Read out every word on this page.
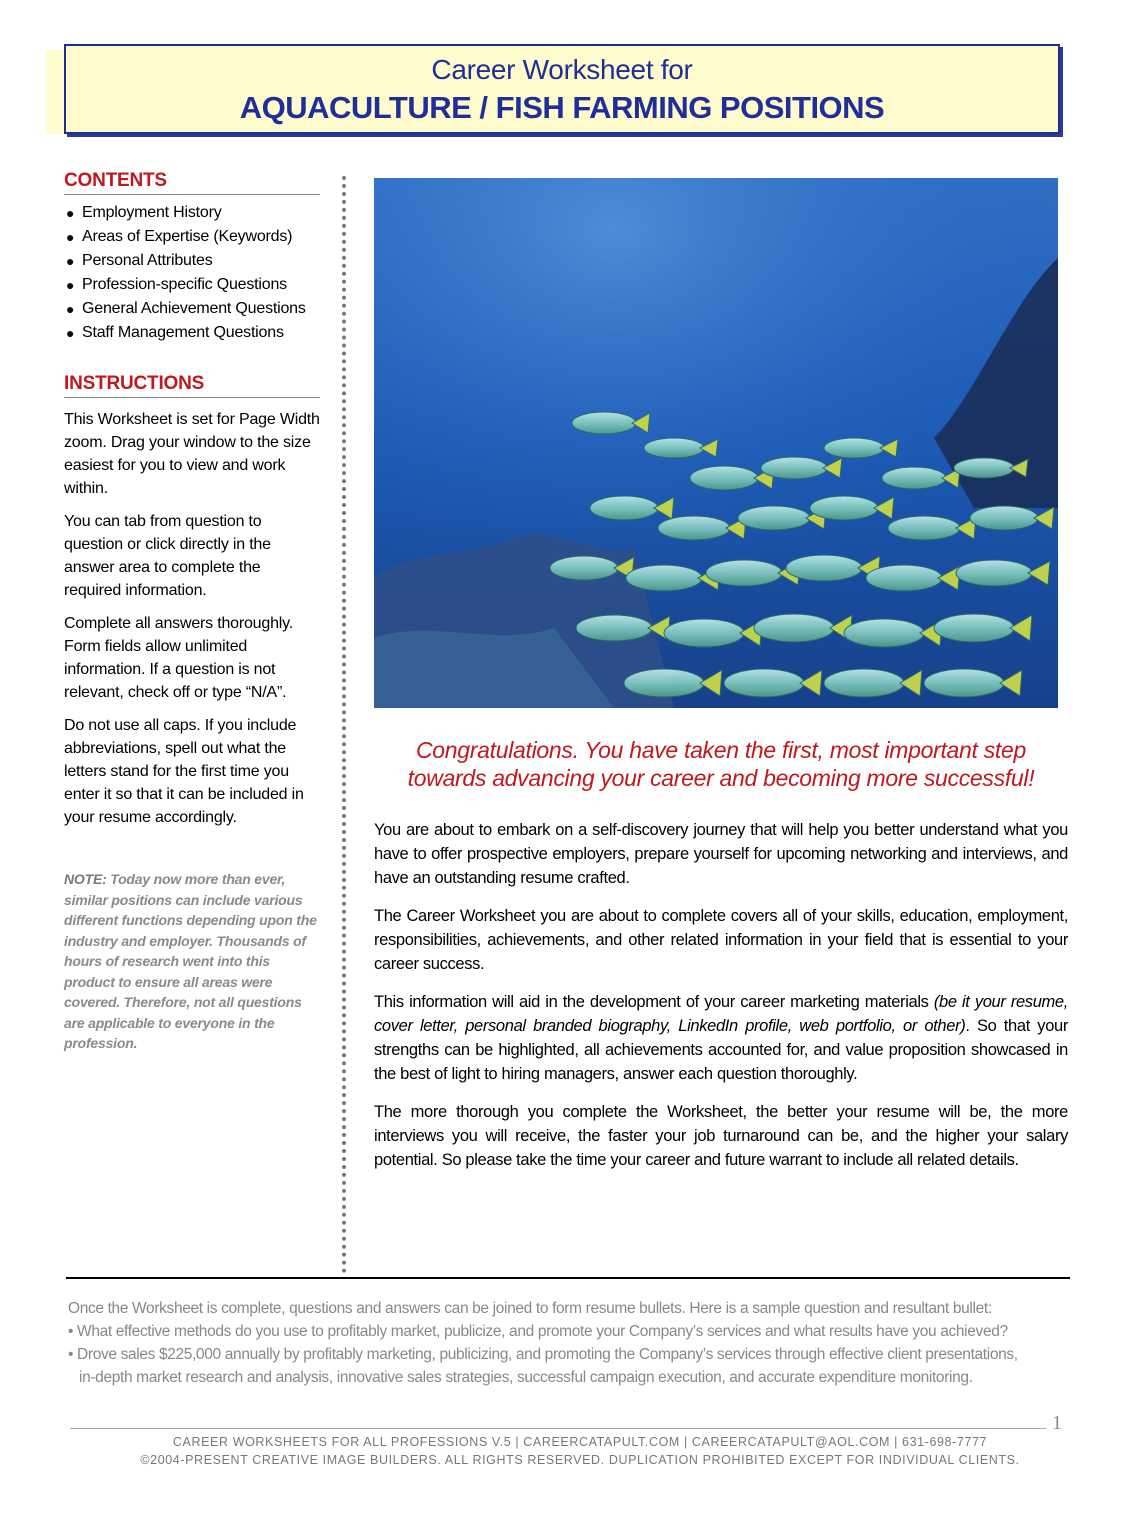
Career Worksheet for
AQUACULTURE / FISH FARMING POSITIONS
CONTENTS
● Employment History
● Areas of Expertise (Keywords)
● Personal Attributes
● Profession-specific Questions
● General Achievement Questions
● Staff Management Questions
INSTRUCTIONS

This Worksheet is set for Page Width zoom. Drag your window to the size easiest for you to view and work within.

You can tab from question to question or click directly in the answer area to complete the required information.

Complete all answers thoroughly. Form fields allow unlimited information. If a question is not relevant, check off or type “N/A”.

Do not use all caps. If you include abbreviations, spell out what the letters stand for the first time you enter it so that it can be included in your resume accordingly.

NOTE: Today now more than ever, similar positions can include various different functions depending upon the industry and employer. Thousands of hours of research went into this product to ensure all areas were covered. Therefore, not all questions are applicable to everyone in the profession.
Congratulations. You have taken the first, most important step
towards advancing your career and becoming more successful!

You are about to embark on a self-discovery journey that will help you better understand what you have to offer prospective employers, prepare yourself for upcoming networking and interviews, and have an outstanding resume crafted.

The Career Worksheet you are about to complete covers all of your skills, education, employment, responsibilities, achievements, and other related information in your field that is essential to your career success.

This information will aid in the development of your career marketing materials (be it your resume, cover letter, personal branded biography, LinkedIn profile, web portfolio, or other). So that your strengths can be highlighted, all achievements accounted for, and value proposition showcased in the best of light to hiring managers, answer each question thoroughly.

The more thorough you complete the Worksheet, the better your resume will be, the more interviews you will receive, the faster your job turnaround can be, and the higher your salary potential. So please take the time your career and future warrant to include all related details.

Once the Worksheet is complete, questions and answers can be joined to form resume bullets. Here is a sample question and resultant bullet:
• What effective methods do you use to profitably market, publicize, and promote your Company’s services and what results have you achieved?
• Drove sales $225,000 annually by profitably marketing, publicizing, and promoting the Company’s services through effective client presentations,
in-depth market research and analysis, innovative sales strategies, successful campaign execution, and accurate expenditure monitoring.
1
CAREER WORKSHEETS FOR ALL PROFESSIONS V.5 | CAREERCATAPULT.COM | CAREERCATAPULT@AOL.COM | 631-698-7777
©2004-PRESENT CREATIVE IMAGE BUILDERS. ALL RIGHTS RESERVED. DUPLICATION PROHIBITED EXCEPT FOR INDIVIDUAL CLIENTS.
